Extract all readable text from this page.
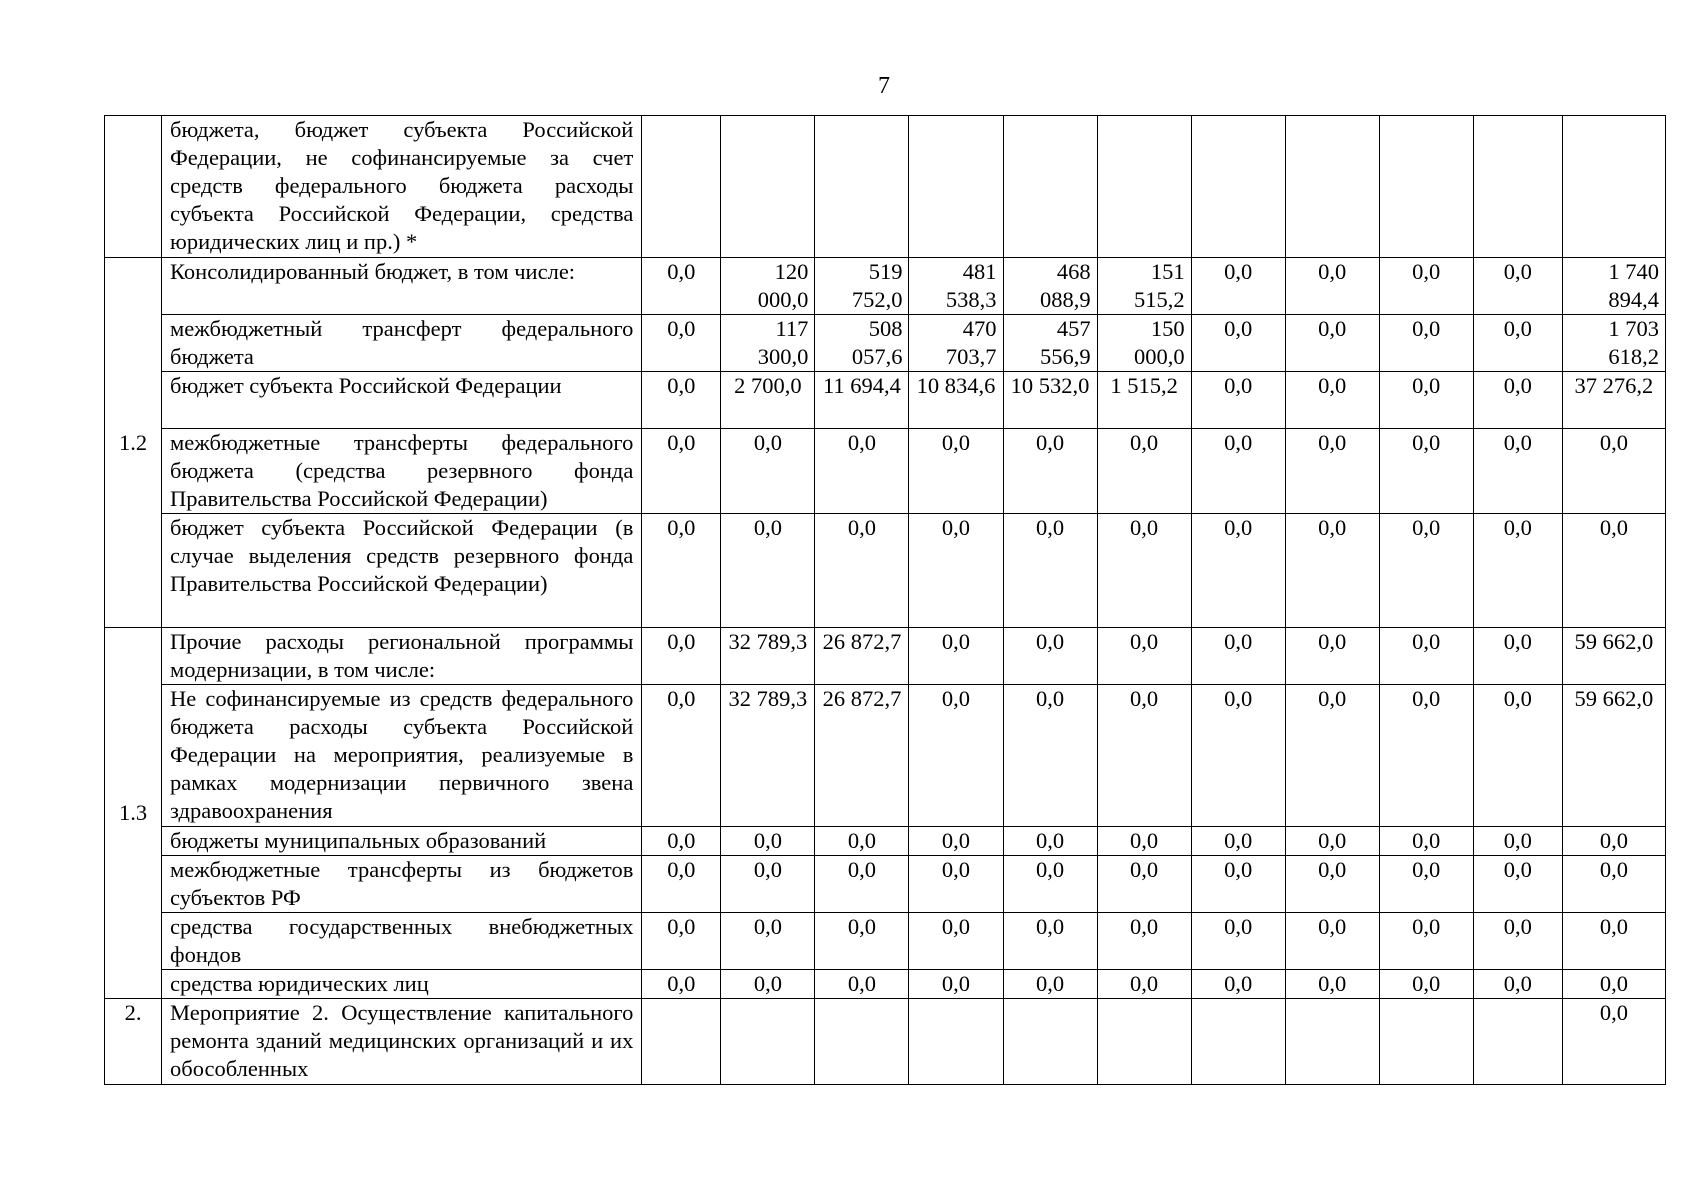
7
	бюджета, бюджет субъекта Российской Федерации, не софинансируемые за счет средств федерального бюджета расходы субъекта Российской Федерации, средства юридических лиц и пр.) *											
1.2	Консолидированный бюджет, в том числе:	0,0	120 000,0	519 752,0	481 538,3	468 088,9	151 515,2	0,0	0,0	0,0	0,0	1 740 894,4
	межбюджетный трансферт федерального бюджета	0,0	117 300,0	508 057,6	470 703,7	457 556,9	150 000,0	0,0	0,0	0,0	0,0	1 703 618,2
	бюджет субъекта Российской Федерации	0,0	2 700,0	11 694,4	10 834,6	10 532,0	1 515,2	0,0	0,0	0,0	0,0	37 276,2
	межбюджетные трансферты федерального бюджета (средства резервного фонда Правительства Российской Федерации)	0,0	0,0	0,0	0,0	0,0	0,0	0,0	0,0	0,0	0,0	0,0
	бюджет субъекта Российской Федерации (в случае выделения средств резервного фонда Правительства Российской Федерации)	0,0	0,0	0,0	0,0	0,0	0,0	0,0	0,0	0,0	0,0	0,0
1.3	Прочие расходы региональной программы модернизации, в том числе:	0,0	32 789,3	26 872,7	0,0	0,0	0,0	0,0	0,0	0,0	0,0	59 662,0
	Не софинансируемые из средств федерального бюджета расходы субъекта Российской Федерации на мероприятия, реализуемые в рамках модернизации первичного звена здравоохранения	0,0	32 789,3	26 872,7	0,0	0,0	0,0	0,0	0,0	0,0	0,0	59 662,0
	бюджеты муниципальных образований	0,0	0,0	0,0	0,0	0,0	0,0	0,0	0,0	0,0	0,0	0,0
	межбюджетные трансферты из бюджетов субъектов РФ	0,0	0,0	0,0	0,0	0,0	0,0	0,0	0,0	0,0	0,0	0,0
	средства государственных внебюджетных фондов	0,0	0,0	0,0	0,0	0,0	0,0	0,0	0,0	0,0	0,0	0,0
	средства юридических лиц	0,0	0,0	0,0	0,0	0,0	0,0	0,0	0,0	0,0	0,0	0,0
2.	Мероприятие 2. Осуществление капитального ремонта зданий медицинских организаций и их обособленных											0,0
